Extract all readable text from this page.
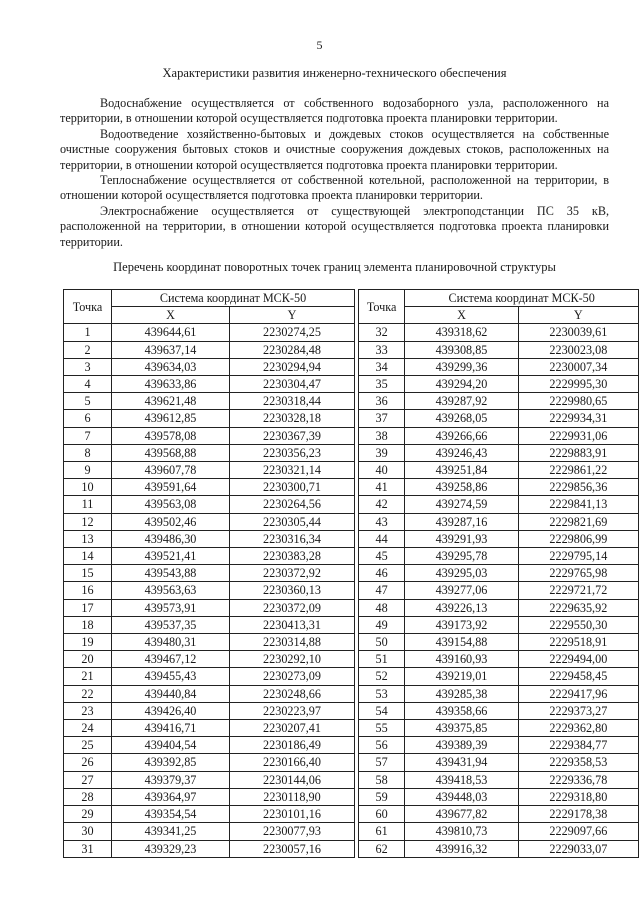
5
Характеристики развития инженерно-технического обеспечения

Водоснабжение осуществляется от собственного водозаборного узла, расположенного на территории, в отношении которой осуществляется подготовка проекта планировки территории.

Водоотведение хозяйственно-бытовых и дождевых стоков осуществляется на собственные очистные сооружения бытовых стоков и очистные сооружения дождевых стоков, расположенных на территории, в отношении которой осуществляется подготовка проекта планировки территории.

Теплоснабжение осуществляется от собственной котельной, расположенной на территории, в отношении которой осуществляется подготовка проекта планировки территории.

Электроснабжение осуществляется от существующей электроподстанции ПС 35 кВ, расположенной на территории, в отношении которой осуществляется подготовка проекта планировки территории.

Перечень координат поворотных точек границ элемента планировочной структуры
Точка	Система координат МСК-50	
	X	Y
1	439644,61	2230274,25
2	439637,14	2230284,48
3	439634,03	2230294,94
4	439633,86	2230304,47
5	439621,48	2230318,44
6	439612,85	2230328,18
7	439578,08	2230367,39
8	439568,88	2230356,23
9	439607,78	2230321,14
10	439591,64	2230300,71
11	439563,08	2230264,56
12	439502,46	2230305,44
13	439486,30	2230316,34
14	439521,41	2230383,28
15	439543,88	2230372,92
16	439563,63	2230360,13
17	439573,91	2230372,09
18	439537,35	2230413,31
19	439480,31	2230314,88
20	439467,12	2230292,10
21	439455,43	2230273,09
22	439440,84	2230248,66
23	439426,40	2230223,97
24	439416,71	2230207,41
25	439404,54	2230186,49
26	439392,85	2230166,40
27	439379,37	2230144,06
28	439364,97	2230118,90
29	439354,54	2230101,16
30	439341,25	2230077,93
31	439329,23	2230057,16
Точка	Система координат МСК-50	
	X	Y
32	439318,62	2230039,61
33	439308,85	2230023,08
34	439299,36	2230007,34
35	439294,20	2229995,30
36	439287,92	2229980,65
37	439268,05	2229934,31
38	439266,66	2229931,06
39	439246,43	2229883,91
40	439251,84	2229861,22
41	439258,86	2229856,36
42	439274,59	2229841,13
43	439287,16	2229821,69
44	439291,93	2229806,99
45	439295,78	2229795,14
46	439295,03	2229765,98
47	439277,06	2229721,72
48	439226,13	2229635,92
49	439173,92	2229550,30
50	439154,88	2229518,91
51	439160,93	2229494,00
52	439219,01	2229458,45
53	439285,38	2229417,96
54	439358,66	2229373,27
55	439375,85	2229362,80
56	439389,39	2229384,77
57	439431,94	2229358,53
58	439418,53	2229336,78
59	439448,03	2229318,80
60	439677,82	2229178,38
61	439810,73	2229097,66
62	439916,32	2229033,07
